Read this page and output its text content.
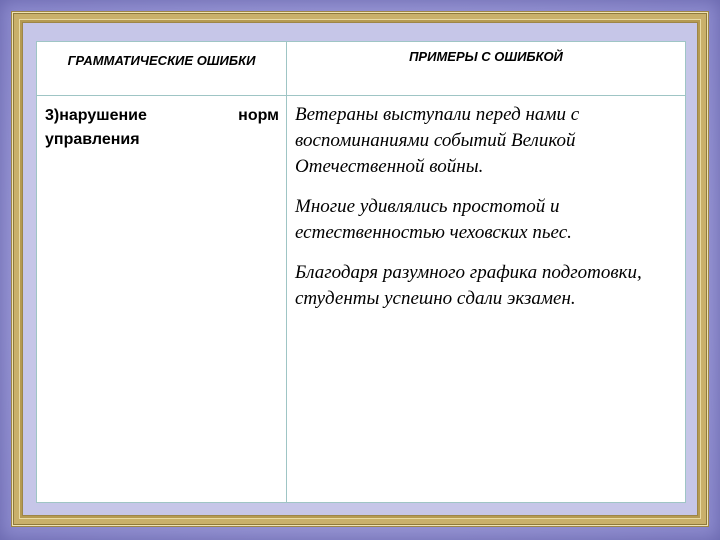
ГРАММАТИЧЕСКИЕ ОШИБКИ	ПРИМЕРЫ С ОШИБКОЙ
3)нарушение	норм
управления

Ветераны выступали перед нами с воспоминаниями событий Великой Отечественной войны.

Многие удивлялись простотой и естественностью чеховских пьес.

Благодаря разумного графика подготовки, студенты успешно сдали экзамен.
